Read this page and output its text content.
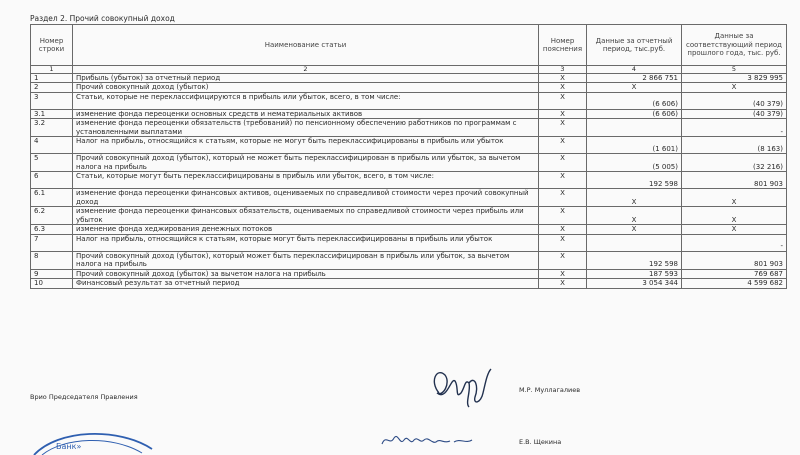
Раздел 2. Прочий совокупный доход
Номер строки	Наименование статьи	Номер пояснения	Данные за отчетный период, тыс.руб.	Данные за соответствующий период прошлого года, тыс. руб.
1	2	3	4	5
1	Прибыль (убыток) за отчетный период	X	2 866 751	3 829 995
2	Прочий совокупный доход (убыток)	X	X	X
3	Статьи, которые не переклассифицируются в прибыль или убыток, всего, в том числе:	X	(6 606)	(40 379)
3.1	изменение фонда переоценки основных средств и нематериальных активов	X	(6 606)	(40 379)
3.2	изменение фонда переоценки обязательств (требований) по пенсионному обеспечению работников по программам с установленными выплатами	X		-
4	Налог на прибыль, относящийся к статьям, которые не могут быть переклассифицированы в прибыль или убыток	X	(1 601)	(8 163)
5	Прочий совокупный доход (убыток), который не может быть переклассифицирован в прибыль или убыток, за вычетом налога на прибыль	X	(5 005)	(32 216)
6	Статьи, которые могут быть переклассифицированы в прибыль или убыток, всего, в том числе:	X	192 598	801 903
6.1	изменение фонда переоценки финансовых активов, оцениваемых по справедливой стоимости через прочий совокупный доход	X	X	X
6.2	изменение фонда переоценки финансовых обязательств, оцениваемых по справедливой стоимости через прибыль или убыток	X	X	X
6.3	изменение фонда хеджирования денежных потоков	X	X	X
7	Налог на прибыль, относящийся к статьям, которые могут быть переклассифицированы в прибыль или убыток	X		-
8	Прочий совокупный доход (убыток), который может быть переклассифицирован в прибыль или убыток, за вычетом налога на прибыль	X	192 598	801 903
9	Прочий совокупный доход (убыток) за вычетом налога на прибыль	X	187 593	769 687
10	Финансовый результат за отчетный период	X	3 054 344	4 599 682
Врио Председателя Правления
М.Р. Муллагалиев
Е.В. Щекина
Банк»
